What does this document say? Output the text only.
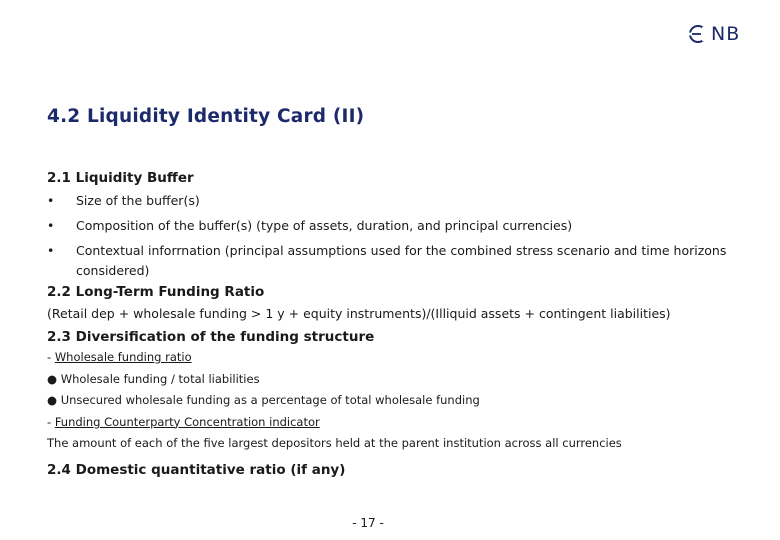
NB
4.2 Liquidity Identity Card (II)

2.1 Liquidity Buffer

• Size of the buffer(s)
• Composition of the buffer(s) (type of assets, duration, and principal currencies)
• Contextual inforrnation (principal assumptions used for the combined stress scenario and time horizons considered)

2.2 Long-Term Funding Ratio

(Retail dep + wholesale funding > 1 y + equity instruments)/(Illiquid assets + contingent liabilities)

2.3 Diversification of the funding structure

- Wholesale funding ratio
● Wholesale funding / total liabilities
● Unsecured wholesale funding as a percentage of total wholesale funding
- Funding Counterparty Concentration indicator
The amount of each of the five largest depositors held at the parent institution across all currencies

2.4 Domestic quantitative ratio (if any)

- 17 -
